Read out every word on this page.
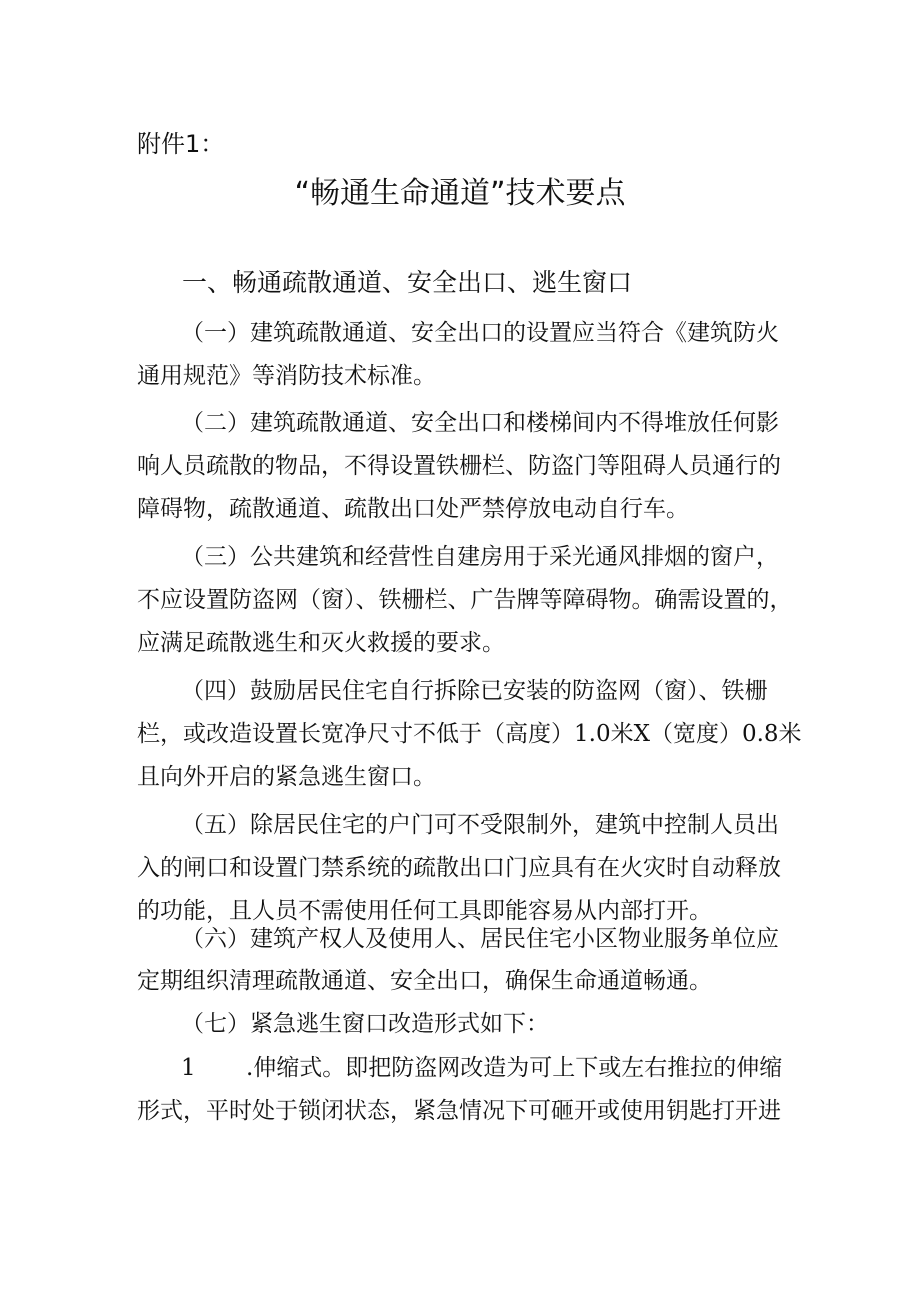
附件1：
“畅通生命通道”技术要点
一、畅通疏散通道、安全出口、逃生窗口
（一）建筑疏散通道、安全出口的设置应当符合《建筑防火
通用规范》等消防技术标准。
（二）建筑疏散通道、安全出口和楼梯间内不得堆放任何影
响人员疏散的物品，不得设置铁栅栏、防盗门等阻碍人员通行的
障碍物，疏散通道、疏散出口处严禁停放电动自行车。
（三）公共建筑和经营性自建房用于采光通风排烟的窗户，
不应设置防盗网（窗）、铁栅栏、广告牌等障碍物。确需设置的，
应满足疏散逃生和灭火救援的要求。
（四）鼓励居民住宅自行拆除已安装的防盗网（窗）、铁栅
栏，或改造设置长宽净尺寸不低于（高度）1.0米X（宽度）0.8米
且向外开启的紧急逃生窗口。
（五）除居民住宅的户门可不受限制外，建筑中控制人员出
入的闸口和设置门禁系统的疏散出口门应具有在火灾时自动释放
的功能，且人员不需使用任何工具即能容易从内部打开。
（六）建筑产权人及使用人、居民住宅小区物业服务单位应
定期组织清理疏散通道、安全出口，确保生命通道畅通。
（七）紧急逃生窗口改造形式如下：
1 .伸缩式。即把防盗网改造为可上下或左右推拉的伸缩
形式，平时处于锁闭状态，紧急情况下可砸开或使用钥匙打开进
